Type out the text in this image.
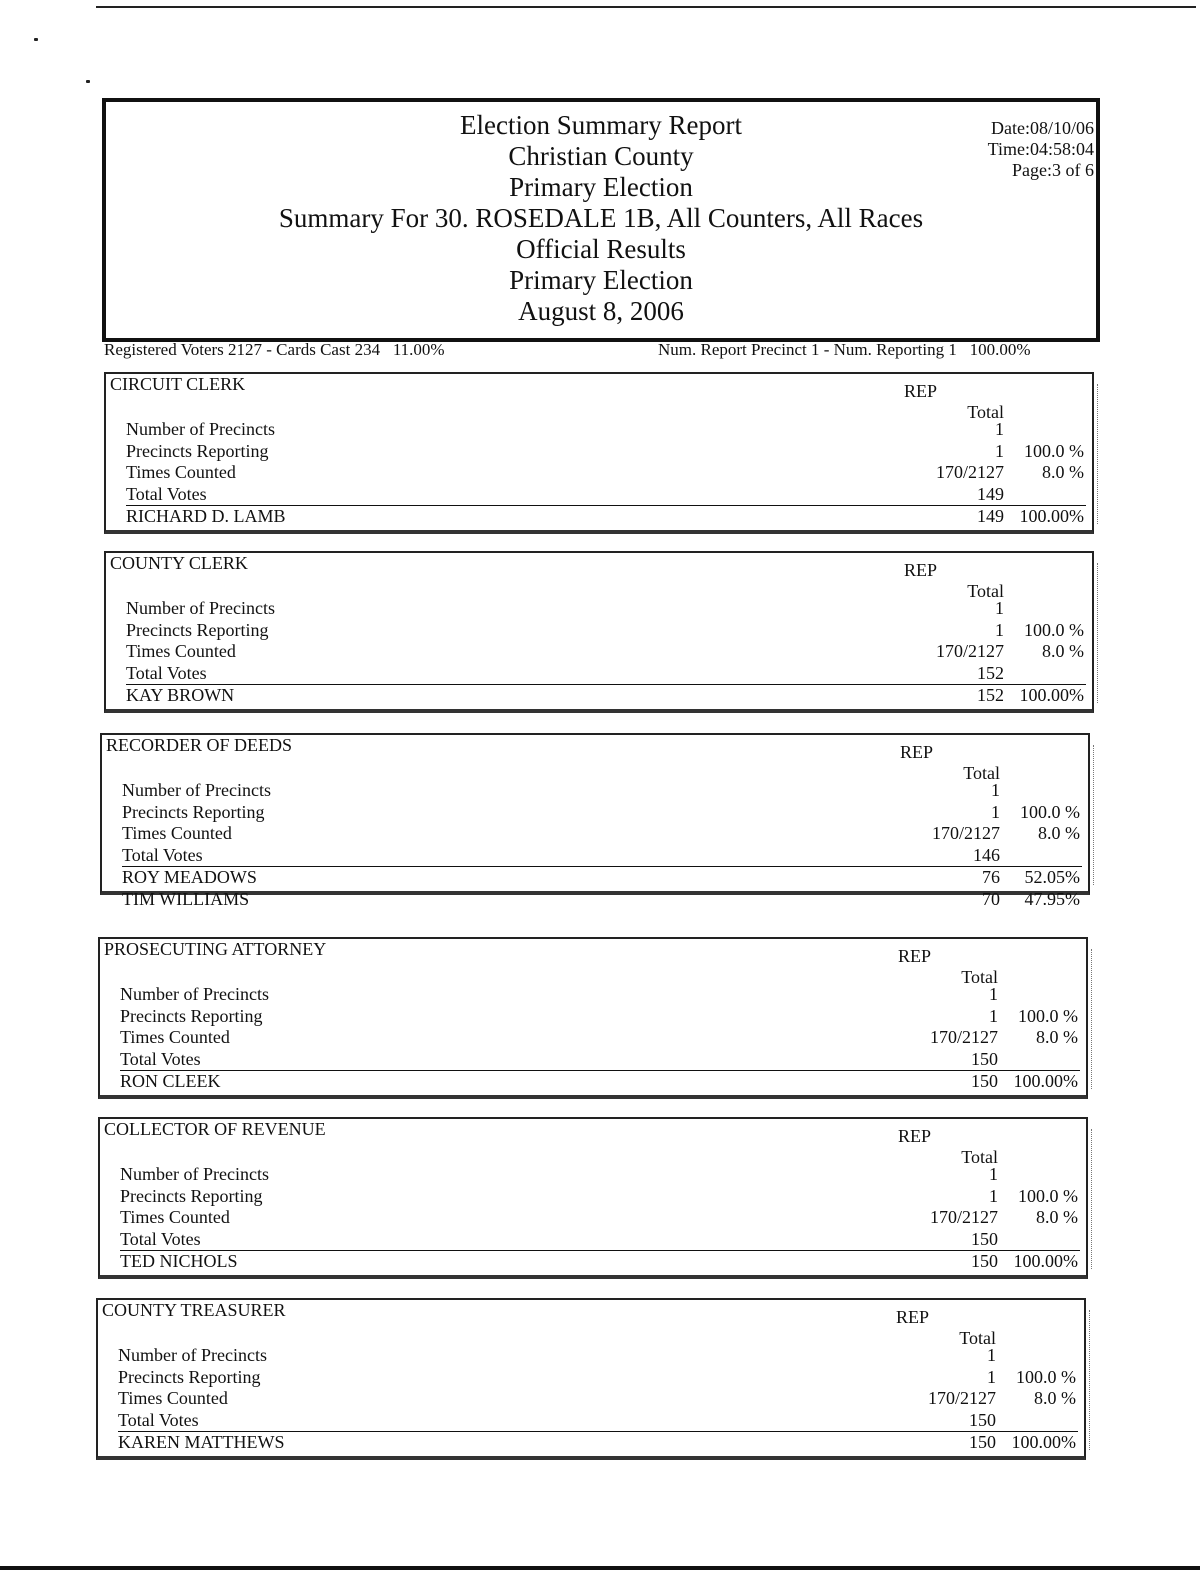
Election Summary Report
Christian County
Primary Election
Summary For 30. ROSEDALE 1B, All Counters, All Races
Official Results
Primary Election
August 8, 2006
Date:08/10/06
Time:04:58:04
Page:3 of 6
Registered Voters 2127 - Cards Cast 234   11.00%	Num. Report Precinct 1 - Num. Reporting 1   100.00%
CIRCUIT CLERK	REP
Total
Number of Precincts	1
Precincts Reporting	1	100.0 %
Times Counted	170/2127	8.0 %
Total Votes	149
RICHARD D. LAMB	149 100.00%
COUNTY CLERK	REP
Total
Number of Precincts	1
Precincts Reporting	1	100.0 %
Times Counted	170/2127	8.0 %
Total Votes	152
KAY BROWN	152 100.00%
RECORDER OF DEEDS	REP
Total
Number of Precincts	1
Precincts Reporting	1	100.0 %
Times Counted	170/2127	8.0 %
Total Votes	146
ROY MEADOWS	76	52.05%
TIM WILLIAMS	70	47.95%
PROSECUTING ATTORNEY	REP
Total
Number of Precincts	1
Precincts Reporting	1	100.0 %
Times Counted	170/2127	8.0 %
Total Votes	150
RON CLEEK	150 100.00%
COLLECTOR OF REVENUE	REP
Total
Number of Precincts	1
Precincts Reporting	1	100.0 %
Times Counted	170/2127	8.0 %
Total Votes	150
TED NICHOLS	150 100.00%
COUNTY TREASURER	REP
Total
Number of Precincts	1
Precincts Reporting	1	100.0 %
Times Counted	170/2127	8.0 %
Total Votes	150
KAREN MATTHEWS	150 100.00%
